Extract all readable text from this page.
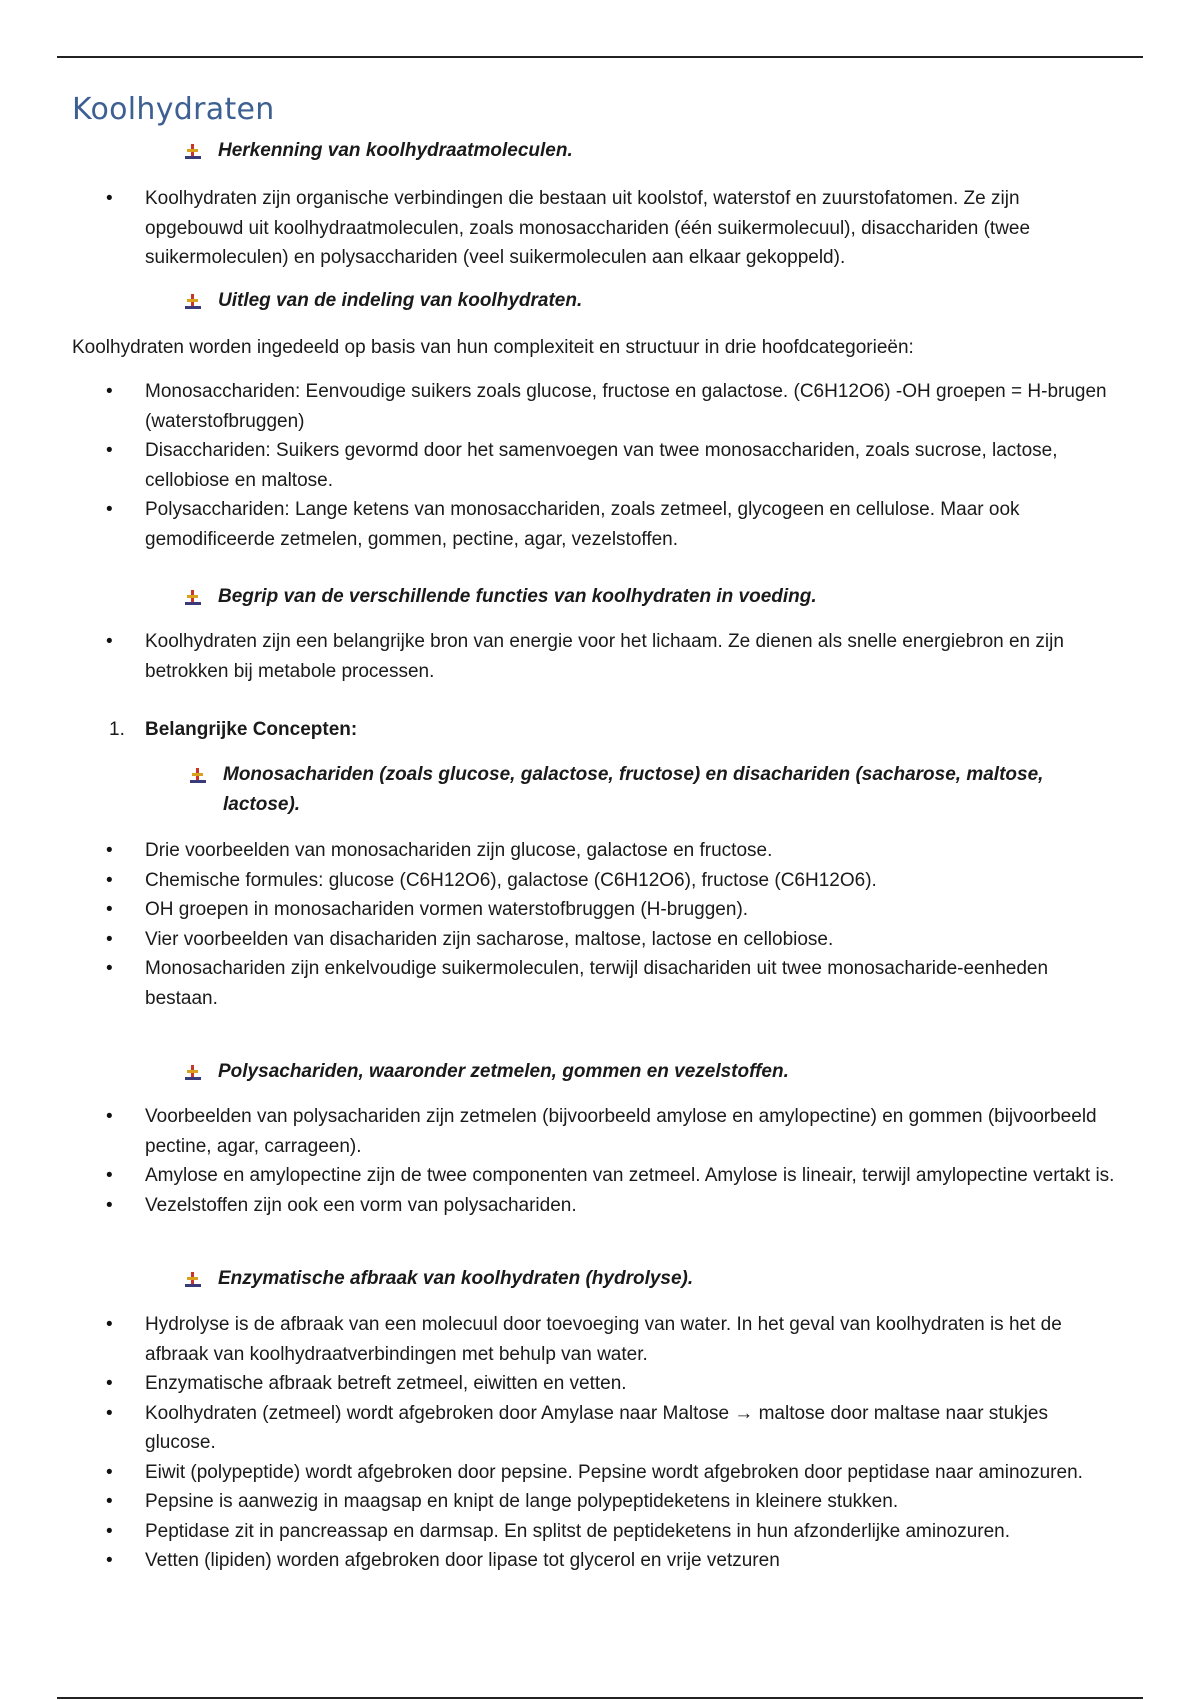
Koolhydraten
Herkenning van koolhydraatmoleculen.
• Koolhydraten zijn organische verbindingen die bestaan uit koolstof, waterstof en zuurstofatomen. Ze zijn opgebouwd uit koolhydraatmoleculen, zoals monosacchariden (één suikermolecuul), disacchariden (twee suikermoleculen) en polysacchariden (veel suikermoleculen aan elkaar gekoppeld).
Uitleg van de indeling van koolhydraten.
Koolhydraten worden ingedeeld op basis van hun complexiteit en structuur in drie hoofdcategorieën:
• Monosacchariden: Eenvoudige suikers zoals glucose, fructose en galactose. (C6H12O6) -OH groepen = H-brugen (waterstofbruggen)
• Disacchariden: Suikers gevormd door het samenvoegen van twee monosacchariden, zoals sucrose, lactose, cellobiose en maltose.
• Polysacchariden: Lange ketens van monosacchariden, zoals zetmeel, glycogeen en cellulose. Maar ook gemodificeerde zetmelen, gommen, pectine, agar, vezelstoffen.
Begrip van de verschillende functies van koolhydraten in voeding.
• Koolhydraten zijn een belangrijke bron van energie voor het lichaam. Ze dienen als snelle energiebron en zijn betrokken bij metabole processen.
1. Belangrijke Concepten:
Monosachariden (zoals glucose, galactose, fructose) en disachariden (sacharose, maltose, lactose).
• Drie voorbeelden van monosachariden zijn glucose, galactose en fructose.
• Chemische formules: glucose (C6H12O6), galactose (C6H12O6), fructose (C6H12O6).
• OH groepen in monosachariden vormen waterstofbruggen (H-bruggen).
• Vier voorbeelden van disachariden zijn sacharose, maltose, lactose en cellobiose.
• Monosachariden zijn enkelvoudige suikermoleculen, terwijl disachariden uit twee monosacharide-eenheden bestaan.
Polysachariden, waaronder zetmelen, gommen en vezelstoffen.
• Voorbeelden van polysachariden zijn zetmelen (bijvoorbeeld amylose en amylopectine) en gommen (bijvoorbeeld pectine, agar, carrageen).
• Amylose en amylopectine zijn de twee componenten van zetmeel. Amylose is lineair, terwijl amylopectine vertakt is.
• Vezelstoffen zijn ook een vorm van polysachariden.
Enzymatische afbraak van koolhydraten (hydrolyse).
• Hydrolyse is de afbraak van een molecuul door toevoeging van water. In het geval van koolhydraten is het de afbraak van koolhydraatverbindingen met behulp van water.
• Enzymatische afbraak betreft zetmeel, eiwitten en vetten.
• Koolhydraten (zetmeel) wordt afgebroken door Amylase naar Maltose → maltose door maltase naar stukjes glucose.
• Eiwit (polypeptide) wordt afgebroken door pepsine. Pepsine wordt afgebroken door peptidase naar aminozuren.
• Pepsine is aanwezig in maagsap en knipt de lange polypeptideketens in kleinere stukken.
• Peptidase zit in pancreassap en darmsap. En splitst de peptideketens in hun afzonderlijke aminozuren.
• Vetten (lipiden) worden afgebroken door lipase tot glycerol en vrije vetzuren
